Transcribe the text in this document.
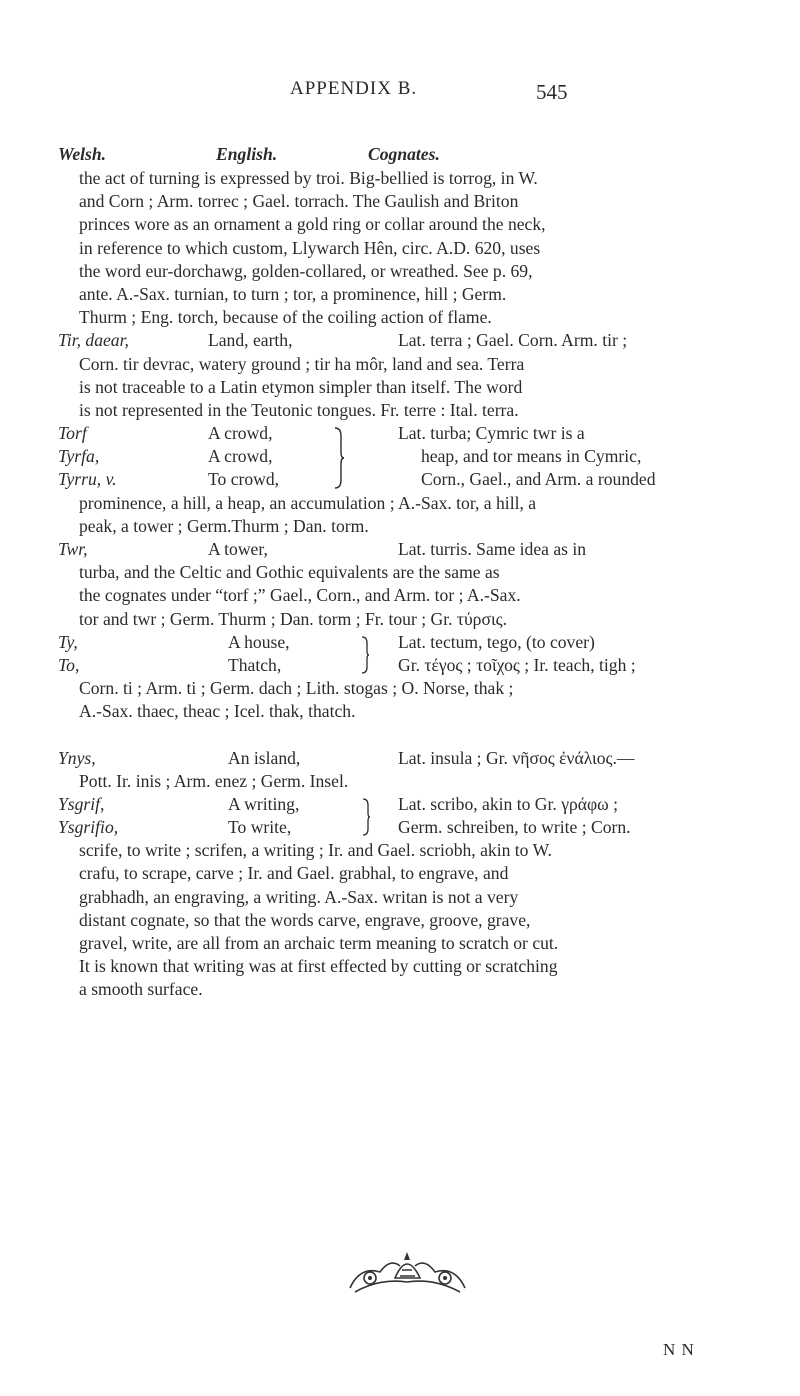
APPENDIX B.	545
Welsh.	English.	Cognates.
the act of turning is expressed by troi. Big-bellied is torrog, in W.
and Corn ; Arm. torrec ; Gael. torrach. The Gaulish and Briton
princes wore as an ornament a gold ring or collar around the neck,
in reference to which custom, Llywarch Hên, circ. A.D. 620, uses
the word eur-dorchawg, golden-collared, or wreathed. See p. 69,
ante. A.-Sax. turnian, to turn ; tor, a prominence, hill ; Germ.
Thurm ; Eng. torch, because of the coiling action of flame.
Tir, daear,	Land, earth,	Lat. terra ; Gael. Corn. Arm. tir ;
Corn. tir devrac, watery ground ; tir ha môr, land and sea. Terra
is not traceable to a Latin etymon simpler than itself. The word
is not represented in the Teutonic tongues. Fr. terre : Ital. terra.
Torf	A crowd,	Lat. turba; Cymric twr is a
Tyrfa,	A crowd,	heap, and tor means in Cymric,
Tyrru, v.	To crowd,	Corn., Gael., and Arm. a rounded
prominence, a hill, a heap, an accumulation ; A.-Sax. tor, a hill, a
peak, a tower ; Germ.Thurm ; Dan. torm.
Twr,	A tower,	Lat. turris. Same idea as in
turba, and the Celtic and Gothic equivalents are the same as
the cognates under “torf ;” Gael., Corn., and Arm. tor ; A.-Sax.
tor and twr ; Germ. Thurm ; Dan. torm ; Fr. tour ; Gr. τύρσις.
Ty,	A house,	Lat. tectum, tego, (to cover)
To,	Thatch,	Gr. τέγος ; τοῖχος ; Ir. teach, tigh ;
Corn. ti ; Arm. ti ; Germ. dach ; Lith. stogas ; O. Norse, thak ;
A.-Sax. thaec, theac ; Icel. thak, thatch.
Ynys,	An island,	Lat. insula ; Gr. νῆσος ἐνάλιος.—
Pott. Ir. inis ; Arm. enez ; Germ. Insel.
Ysgrif,	A writing,	Lat. scribo, akin to Gr. γράφω ;
Ysgrifio,	To write,	Germ. schreiben, to write ; Corn.
scrife, to write ; scrifen, a writing ; Ir. and Gael. scriobh, akin to W.
crafu, to scrape, carve ; Ir. and Gael. grabhal, to engrave, and
grabhadh, an engraving, a writing. A.-Sax. writan is not a very
distant cognate, so that the words carve, engrave, groove, grave,
gravel, write, are all from an archaic term meaning to scratch or cut.
It is known that writing was at first effected by cutting or scratching
a smooth surface.
N N
